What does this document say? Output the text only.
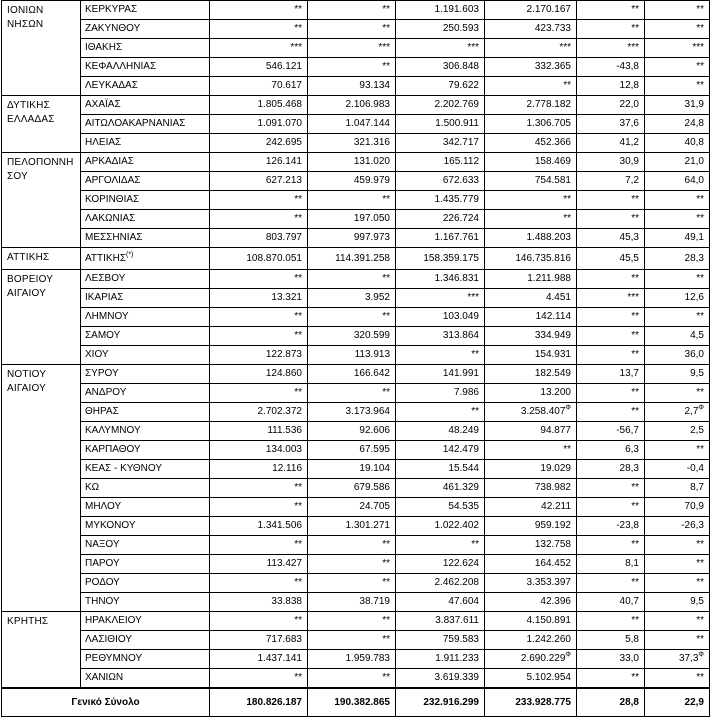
ΙΟΝΙΩΝ ΝΗΣΩΝ	ΚΕΡΚΥΡΑΣ	**	**	1.191.603	2.170.167	**	**
	ΖΑΚΥΝΘΟΥ	**	**	250.593	423.733	**	**
	ΙΘΑΚΗΣ	***	***	***	***	***	***
	ΚΕΦΑΛΛΗΝΙΑΣ	546.121	**	306.848	332.365	-43,8	**
	ΛΕΥΚΑΔΑΣ	70.617	93.134	79.622	**	12,8	**
ΔΥΤΙΚΗΣ ΕΛΛΑΔΑΣ	ΑΧΑΪΑΣ	1.805.468	2.106.983	2.202.769	2.778.182	22,0	31,9
	ΑΙΤΩΛΟΑΚΑΡΝΑΝΙΑΣ	1.091.070	1.047.144	1.500.911	1.306.705	37,6	24,8
	ΗΛΕΙΑΣ	242.695	321.316	342.717	452.366	41,2	40,8
ΠΕΛΟΠΟΝΝΗ ΣΟΥ	ΑΡΚΑΔΙΑΣ	126.141	131.020	165.112	158.469	30,9	21,0
	ΑΡΓΟΛΙΔΑΣ	627.213	459.979	672.633	754.581	7,2	64,0
	ΚΟΡΙΝΘΙΑΣ	**	**	1.435.779	**	**	**
	ΛΑΚΩΝΙΑΣ	**	197.050	226.724	**	**	**
	ΜΕΣΣΗΝΙΑΣ	803.797	997.973	1.167.761	1.488.203	45,3	49,1
ΑΤΤΙΚΗΣ	ΑΤΤΙΚΗΣ(*)	108.870.051	114.391.258	158.359.175	146.735.816	45,5	28,3
ΒΟΡΕΙΟΥ ΑΙΓΑΙΟΥ	ΛΕΣΒΟΥ	**	**	1.346.831	1.211.988	**	**
	ΙΚΑΡΙΑΣ	13.321	3.952	***	4.451	***	12,6
	ΛΗΜΝΟΥ	**	**	103.049	142.114	**	**
	ΣΑΜΟΥ	**	320.599	313.864	334.949	**	4,5
	ΧΙΟΥ	122.873	113.913	**	154.931	**	36,0
ΝΟΤΙΟΥ ΑΙΓΑΙΟΥ	ΣΥΡΟΥ	124.860	166.642	141.991	182.549	13,7	9,5
	ΑΝΔΡΟΥ	**	**	7.986	13.200	**	**
	ΘΗΡΑΣ	2.702.372	3.173.964	**	$3.258.407^\Phi$	**	$2,7^\Phi$
	ΚΑΛΥΜΝΟΥ	111.536	92.606	48.249	94.877	-56,7	2,5
	ΚΑΡΠΑΘΟΥ	134.003	67.595	142.479	**	6,3	**
	ΚΕΑΣ - ΚΥΘΝΟΥ	12.116	19.104	15.544	19.029	28,3	-0,4
	ΚΩ	**	679.586	461.329	738.982	**	8,7
	ΜΗΛΟΥ	**	24.705	54.535	42.211	**	70,9
	ΜΥΚΟΝΟΥ	1.341.506	1.301.271	1.022.402	959.192	-23,8	-26,3
	ΝΑΞΟΥ	**	**	**	132.758	**	**
	ΠΑΡΟΥ	113.427	**	122.624	164.452	8,1	**
	ΡΟΔΟΥ	**	**	2.462.208	3.353.397	**	**
	ΤΗΝΟΥ	33.838	38.719	47.604	42.396	40,7	9,5
ΚΡΗΤΗΣ	ΗΡΑΚΛΕΙΟΥ	**	**	3.837.611	4.150.891	**	**
	ΛΑΣΙΘΙΟΥ	717.683	**	759.583	1.242.260	5,8	**
	ΡΕΘΥΜΝΟΥ	1.437.141	1.959.783	1.911.233	$2.690.229^\Phi$	33,0	$37,3^\Phi$
	ΧΑΝΙΩΝ	**	**	3.619.339	5.102.954	**	**
Γενικό Σύνολο		180.826.187	190.382.865	232.916.299	233.928.775	28,8	22,9
